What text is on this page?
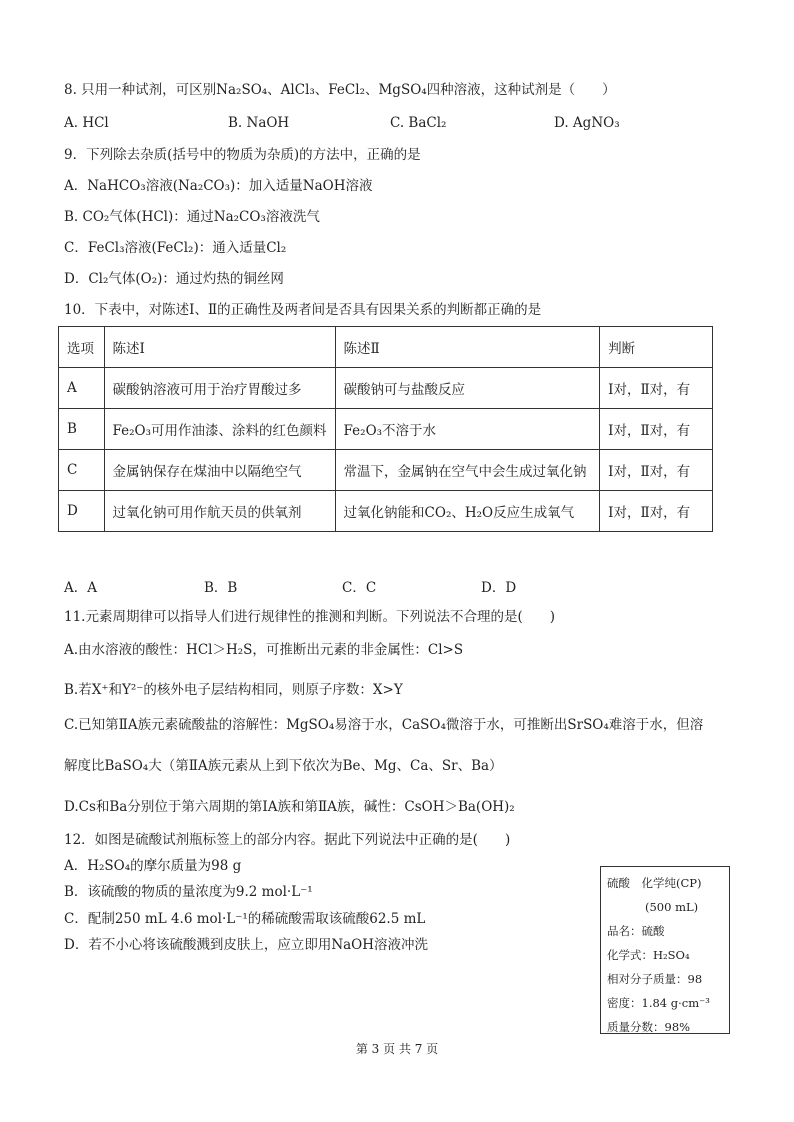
8. 只用一种试剂，可区别Na₂SO₄、AlCl₃、FeCl₂、MgSO₄四种溶液，这种试剂是（　　）
A. HCl	B. NaOH	C. BaCl₂	D. AgNO₃
9．下列除去杂质(括号中的物质为杂质)的方法中，正确的是
A．NaHCO₃溶液(Na₂CO₃)：加入适量NaOH溶液
B. CO₂气体(HCl)：通过Na₂CO₃溶液洗气
C．FeCl₃溶液(FeCl₂)：通入适量Cl₂
D．Cl₂气体(O₂)：通过灼热的铜丝网
10．下表中，对陈述Ⅰ、Ⅱ的正确性及两者间是否具有因果关系的判断都正确的是
选项	陈述Ⅰ	陈述Ⅱ	判断
A	碳酸钠溶液可用于治疗胃酸过多	碳酸钠可与盐酸反应	Ⅰ对，Ⅱ对，有
B	Fe₂O₃可用作油漆、涂料的红色颜料	Fe₂O₃不溶于水	Ⅰ对，Ⅱ对，有
C	金属钠保存在煤油中以隔绝空气	常温下，金属钠在空气中会生成过氧化钠	Ⅰ对，Ⅱ对，有
D	过氧化钠可用作航天员的供氧剂	过氧化钠能和CO₂、H₂O反应生成氧气	Ⅰ对，Ⅱ对，有
A．A	B．B	C．C	D．D
11.元素周期律可以指导人们进行规律性的推测和判断。下列说法不合理的是(　　)
A.由水溶液的酸性：HCl＞H₂S，可推断出元素的非金属性：Cl>S
B.若X⁺和Y²⁻的核外电子层结构相同，则原子序数：X>Y
C.已知第ⅡA族元素硫酸盐的溶解性：MgSO₄易溶于水，CaSO₄微溶于水，可推断出SrSO₄难溶于水，但溶
解度比BaSO₄大（第ⅡA族元素从上到下依次为Be、Mg、Ca、Sr、Ba）
D.Cs和Ba分别位于第六周期的第ⅠA族和第ⅡA族，碱性：CsOH＞Ba(OH)₂
12．如图是硫酸试剂瓶标签上的部分内容。据此下列说法中正确的是(　　)
A．H₂SO₄的摩尔质量为98 g
B．该硫酸的物质的量浓度为9.2 mol·L⁻¹
C．配制250 mL 4.6 mol·L⁻¹的稀硫酸需取该硫酸62.5 mL
D．若不小心将该硫酸溅到皮肤上，应立即用NaOH溶液冲洗
硫酸　化学纯(CP)
(500 mL)
品名：硫酸
化学式：H₂SO₄
相对分子质量：98
密度：1.84 g·cm⁻³
质量分数：98%
第 3 页 共 7 页
